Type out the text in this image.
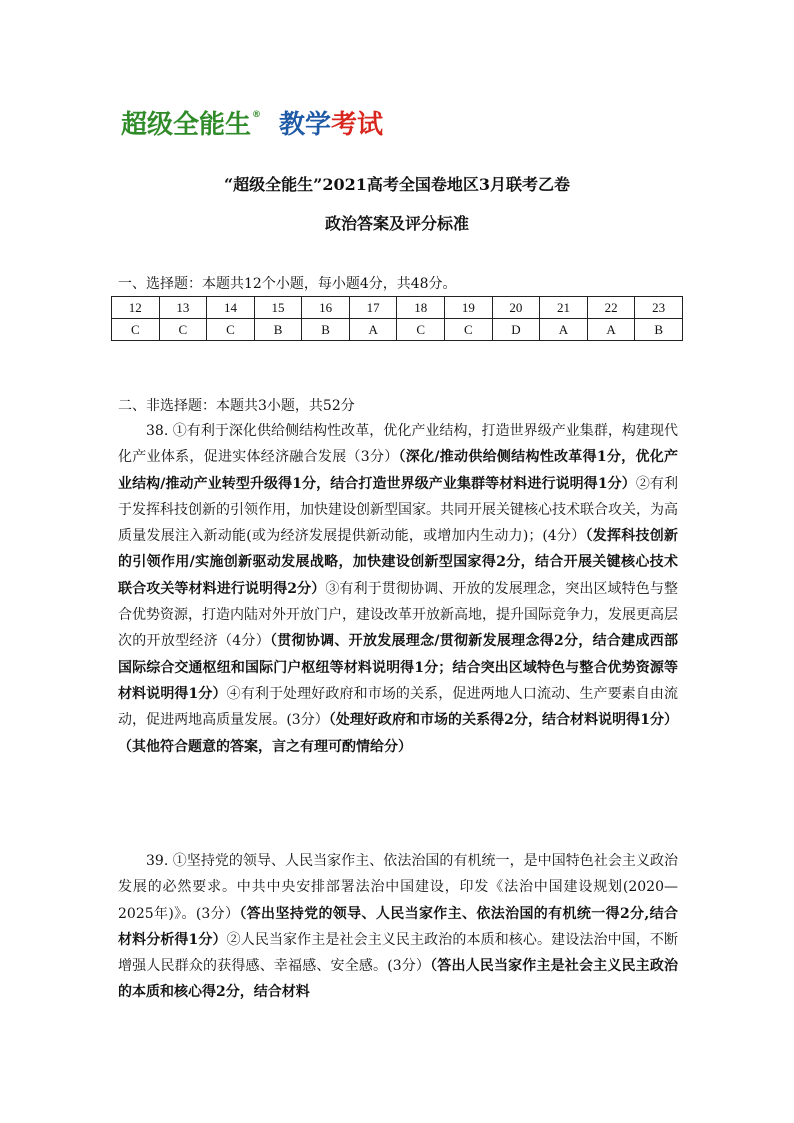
超级全能生 ® 教学 考试
“超级全能生”2021高考全国卷地区3月联考乙卷
政治答案及评分标准
一、选择题：本题共12个小题，每小题4分，共48分。
12	13	14	15	16	17	18	19	20	21	22	23
C	C	C	B	B	A	C	C	D	A	A	B
二、非选择题：本题共3小题，共52分
38. ①有利于深化供给侧结构性改革，优化产业结构，打造世界级产业集群，构建现代化产业体系，促进实体经济融合发展（3分）（深化/推动供给侧结构性改革得1分，优化产业结构/推动产业转型升级得1分，结合打造世界级产业集群等材料进行说明得1分）②有利于发挥科技创新的引领作用，加快建设创新型国家。共同开展关键核心技术联合攻关，为高质量发展注入新动能(或为经济发展提供新动能，或增加内生动力)；(4分）（发挥科技创新的引领作用/实施创新驱动发展战略，加快建设创新型国家得2分，结合开展关键核心技术联合攻关等材料进行说明得2分）③有利于贯彻协调、开放的发展理念，突出区域特色与整合优势资源，打造内陆对外开放门户，建设改革开放新高地，提升国际竞争力，发展更高层次的开放型经济（4分）（贯彻协调、开放发展理念/贯彻新发展理念得2分，结合建成西部国际综合交通枢纽和国际门户枢纽等材料说明得1分；结合突出区域特色与整合优势资源等材料说明得1分）④有利于处理好政府和市场的关系，促进两地人口流动、生产要素自由流动，促进两地高质量发展。(3分）（处理好政府和市场的关系得2分，结合材料说明得1分）（其他符合题意的答案，言之有理可酌情给分）
39. ①坚持党的领导、人民当家作主、依法治国的有机统一，是中国特色社会主义政治发展的必然要求。中共中央安排部署法治中国建设，印发《法治中国建设规划(2020—2025年)》。(3分）（答出坚持党的领导、人民当家作主、依法治国的有机统一得2分,结合材料分析得1分）②人民当家作主是社会主义民主政治的本质和核心。建设法治中国，不断增强人民群众的获得感、幸福感、安全感。(3分）（答出人民当家作主是社会主义民主政治的本质和核心得2分，结合材料
